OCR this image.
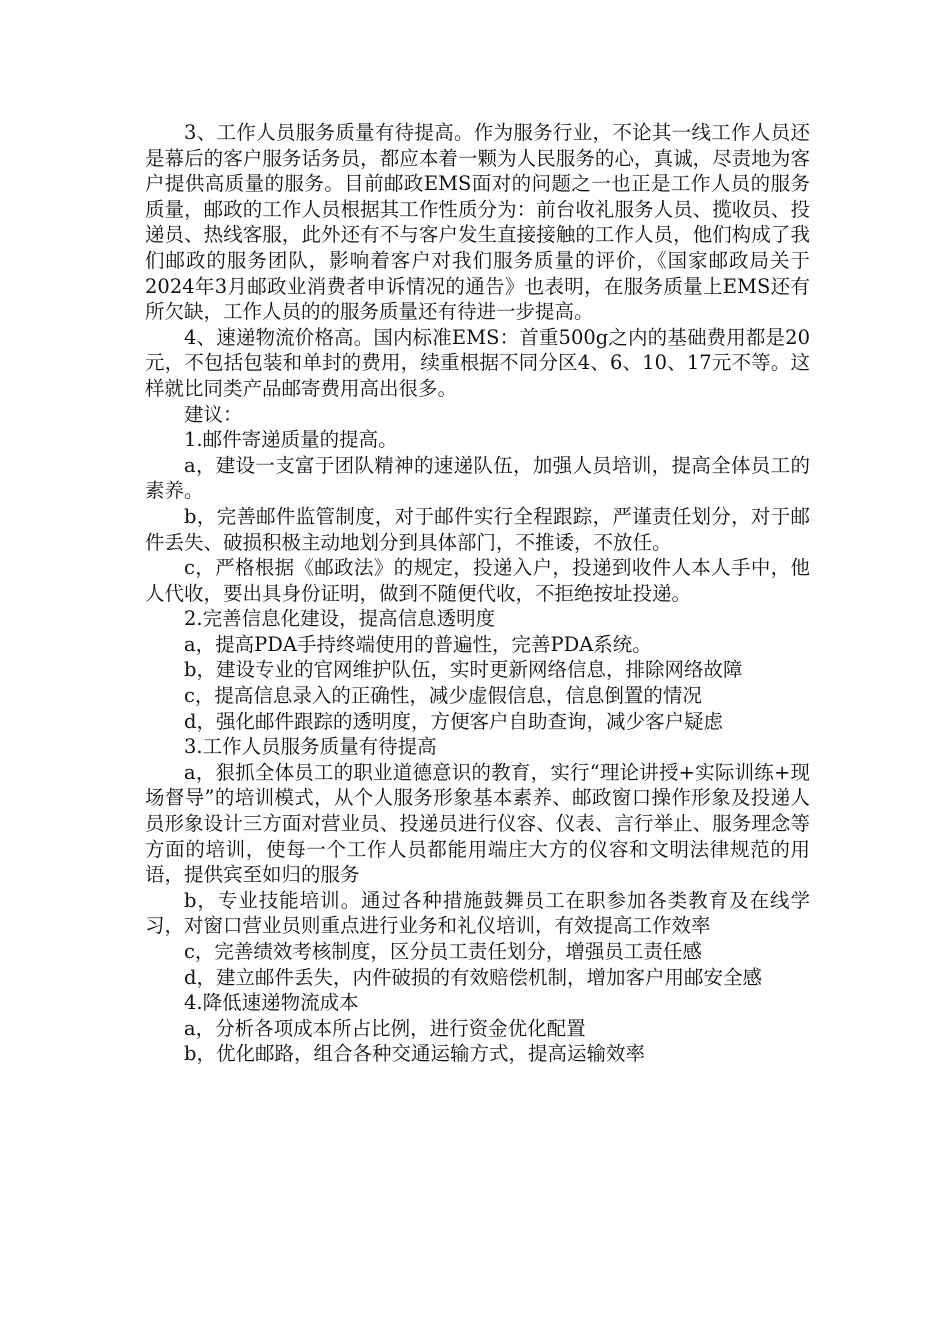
3、工作人员服务质量有待提高。作为服务行业，不论其一线工作人员还是幕后的客户服务话务员，都应本着一颗为人民服务的心，真诚，尽责地为客户提供高质量的服务。目前邮政EMS面对的问题之一也正是工作人员的服务质量，邮政的工作人员根据其工作性质分为：前台收礼服务人员、揽收员、投递员、热线客服，此外还有不与客户发生直接接触的工作人员，他们构成了我们邮政的服务团队，影响着客户对我们服务质量的评价，《国家邮政局关于2024年3月邮政业消费者申诉情况的通告》也表明，在服务质量上EMS还有所欠缺，工作人员的的服务质量还有待进一步提高。

4、速递物流价格高。国内标准EMS：首重500g之内的基础费用都是20元，不包括包装和单封的费用，续重根据不同分区4、6、10、17元不等。这样就比同类产品邮寄费用高出很多。

建议：

1.邮件寄递质量的提高。

a，建设一支富于团队精神的速递队伍，加强人员培训，提高全体员工的素养。

b，完善邮件监管制度，对于邮件实行全程跟踪，严谨责任划分，对于邮件丢失、破损积极主动地划分到具体部门，不推诿，不放任。

c，严格根据《邮政法》的规定，投递入户，投递到收件人本人手中，他人代收，要出具身份证明，做到不随便代收，不拒绝按址投递。

2.完善信息化建设，提高信息透明度

a，提高PDA手持终端使用的普遍性，完善PDA系统。

b，建设专业的官网维护队伍，实时更新网络信息，排除网络故障

c，提高信息录入的正确性，减少虚假信息，信息倒置的情况

d，强化邮件跟踪的透明度，方便客户自助查询，减少客户疑虑

3.工作人员服务质量有待提高

a，狠抓全体员工的职业道德意识的教育，实行“理论讲授+实际训练+现场督导”的培训模式，从个人服务形象基本素养、邮政窗口操作形象及投递人员形象设计三方面对营业员、投递员进行仪容、仪表、言行举止、服务理念等方面的培训，使每一个工作人员都能用端庄大方的仪容和文明法律规范的用语，提供宾至如归的服务

b，专业技能培训。通过各种措施鼓舞员工在职参加各类教育及在线学习，对窗口营业员则重点进行业务和礼仪培训，有效提高工作效率

c，完善绩效考核制度，区分员工责任划分，增强员工责任感

d，建立邮件丢失，内件破损的有效赔偿机制，增加客户用邮安全感

4.降低速递物流成本

a，分析各项成本所占比例，进行资金优化配置

b，优化邮路，组合各种交通运输方式，提高运输效率
